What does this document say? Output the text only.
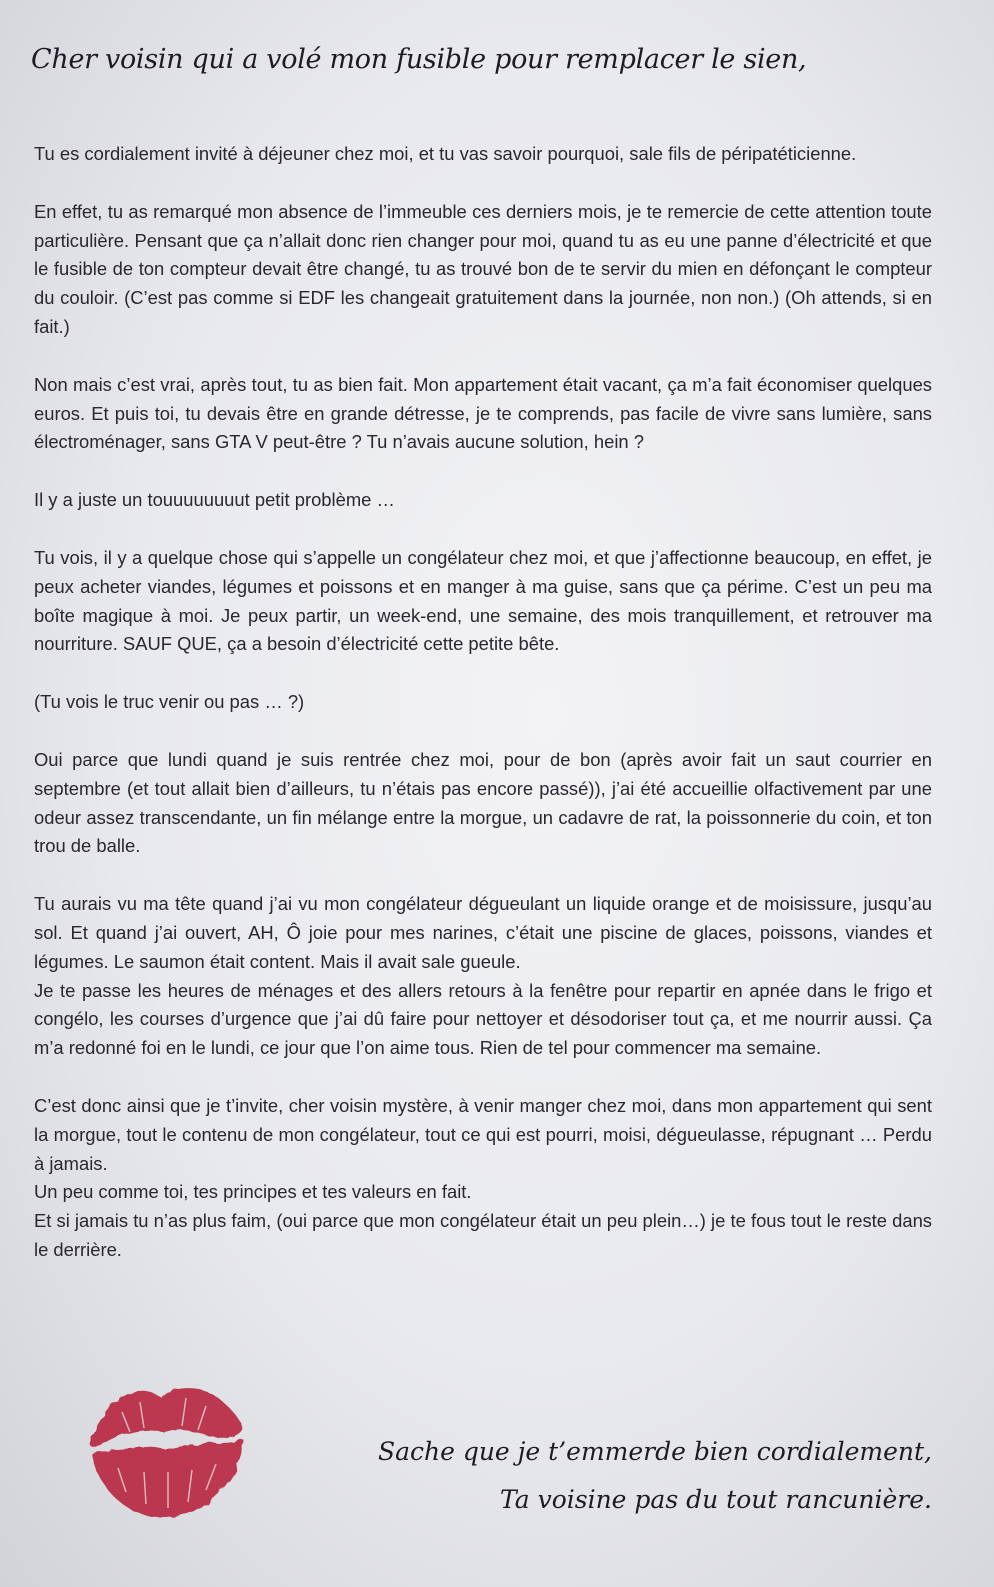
Cher voisin qui a volé mon fusible pour remplacer le sien,

Tu es cordialement invité à déjeuner chez moi, et tu vas savoir pourquoi, sale fils de péripatéticienne.

En effet, tu as remarqué mon absence de l’immeuble ces derniers mois, je te remercie de cette attention toute particulière. Pensant que ça n’allait donc rien changer pour moi, quand tu as eu une panne d’électricité et que le fusible de ton compteur devait être changé, tu as trouvé bon de te servir du mien en défonçant le compteur du couloir. (C’est pas comme si EDF les changeait gratuitement dans la journée, non non.) (Oh attends, si en fait.)

Non mais c’est vrai, après tout, tu as bien fait. Mon appartement était vacant, ça m’a fait économiser quelques euros. Et puis toi, tu devais être en grande détresse, je te comprends, pas facile de vivre sans lumière, sans électroménager, sans GTA V peut-être ? Tu n’avais aucune solution, hein ?

Il y a juste un touuuuuuuut petit problème …

Tu vois, il y a quelque chose qui s’appelle un congélateur chez moi, et que j’affectionne beaucoup, en effet, je peux acheter viandes, légumes et poissons et en manger à ma guise, sans que ça périme. C’est un peu ma boîte magique à moi. Je peux partir, un week-end, une semaine, des mois tranquillement, et retrouver ma nourriture. SAUF QUE, ça a besoin d’électricité cette petite bête.

(Tu vois le truc venir ou pas … ?)

Oui parce que lundi quand je suis rentrée chez moi, pour de bon (après avoir fait un saut courrier en septembre (et tout allait bien d’ailleurs, tu n’étais pas encore passé)), j’ai été accueillie olfactivement par une odeur assez transcendante, un fin mélange entre la morgue, un cadavre de rat, la poissonnerie du coin, et ton trou de balle.

Tu aurais vu ma tête quand j’ai vu mon congélateur dégueulant un liquide orange et de moisissure, jusqu’au sol. Et quand j’ai ouvert, AH, Ô joie pour mes narines, c’était une piscine de glaces, poissons, viandes et légumes. Le saumon était content. Mais il avait sale gueule.

Je te passe les heures de ménages et des allers retours à la fenêtre pour repartir en apnée dans le frigo et congélo, les courses d’urgence que j’ai dû faire pour nettoyer et désodoriser tout ça, et me nourrir aussi. Ça m’a redonné foi en le lundi, ce jour que l’on aime tous. Rien de tel pour commencer ma semaine.

C’est donc ainsi que je t’invite, cher voisin mystère, à venir manger chez moi, dans mon appartement qui sent la morgue, tout le contenu de mon congélateur, tout ce qui est pourri, moisi, dégueulasse, répugnant … Perdu à jamais.

Un peu comme toi, tes principes et tes valeurs en fait.

Et si jamais tu n’as plus faim, (oui parce que mon congélateur était un peu plein…) je te fous tout le reste dans le derrière.

Sache que je t’emmerde bien cordialement,
Ta voisine pas du tout rancunière.
